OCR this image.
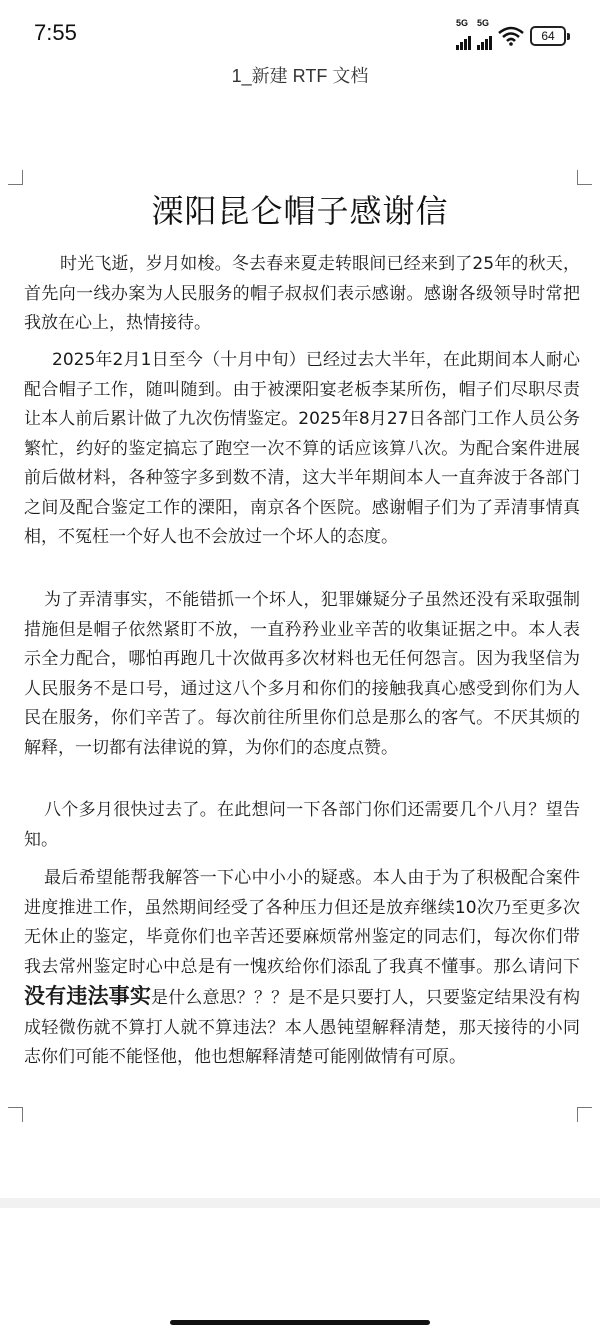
7:55	5G 5G
64
1_新建 RTF 文档
溧阳昆仑帽子感谢信

时光飞逝，岁月如梭。冬去春来夏走转眼间已经来到了25年的秋天，首先向一线办案为人民服务的帽子叔叔们表示感谢。感谢各级领导时常把我放在心上，热情接待。

2025年2月1日至今（十月中旬）已经过去大半年，在此期间本人耐心配合帽子工作，随叫随到。由于被溧阳宴老板李某所伤，帽子们尽职尽责让本人前后累计做了九次伤情鉴定。2025年8月27日各部门工作人员公务繁忙，约好的鉴定搞忘了跑空一次不算的话应该算八次。为配合案件进展前后做材料，各种签字多到数不清，这大半年期间本人一直奔波于各部门之间及配合鉴定工作的溧阳，南京各个医院。感谢帽子们为了弄清事情真相，不冤枉一个好人也不会放过一个坏人的态度。

为了弄清事实，不能错抓一个坏人，犯罪嫌疑分子虽然还没有采取强制措施但是帽子依然紧盯不放，一直矜矜业业辛苦的收集证据之中。本人表示全力配合，哪怕再跑几十次做再多次材料也无任何怨言。因为我坚信为人民服务不是口号，通过这八个多月和你们的接触我真心感受到你们为人民在服务，你们辛苦了。每次前往所里你们总是那么的客气。不厌其烦的解释，一切都有法律说的算，为你们的态度点赞。

八个多月很快过去了。在此想问一下各部门你们还需要几个八月？望告知。

最后希望能帮我解答一下心中小小的疑惑。本人由于为了积极配合案件进度推进工作，虽然期间经受了各种压力但还是放弃继续10次乃至更多次无休止的鉴定，毕竟你们也辛苦还要麻烦常州鉴定的同志们，每次你们带我去常州鉴定时心中总是有一愧疚给你们添乱了我真不懂事。那么请问下没有违法事实是什么意思？？？是不是只要打人，只要鉴定结果没有构成轻微伤就不算打人就不算违法？本人愚钝望解释清楚，那天接待的小同志你们可能不能怪他，他也想解释清楚可能刚做情有可原。
